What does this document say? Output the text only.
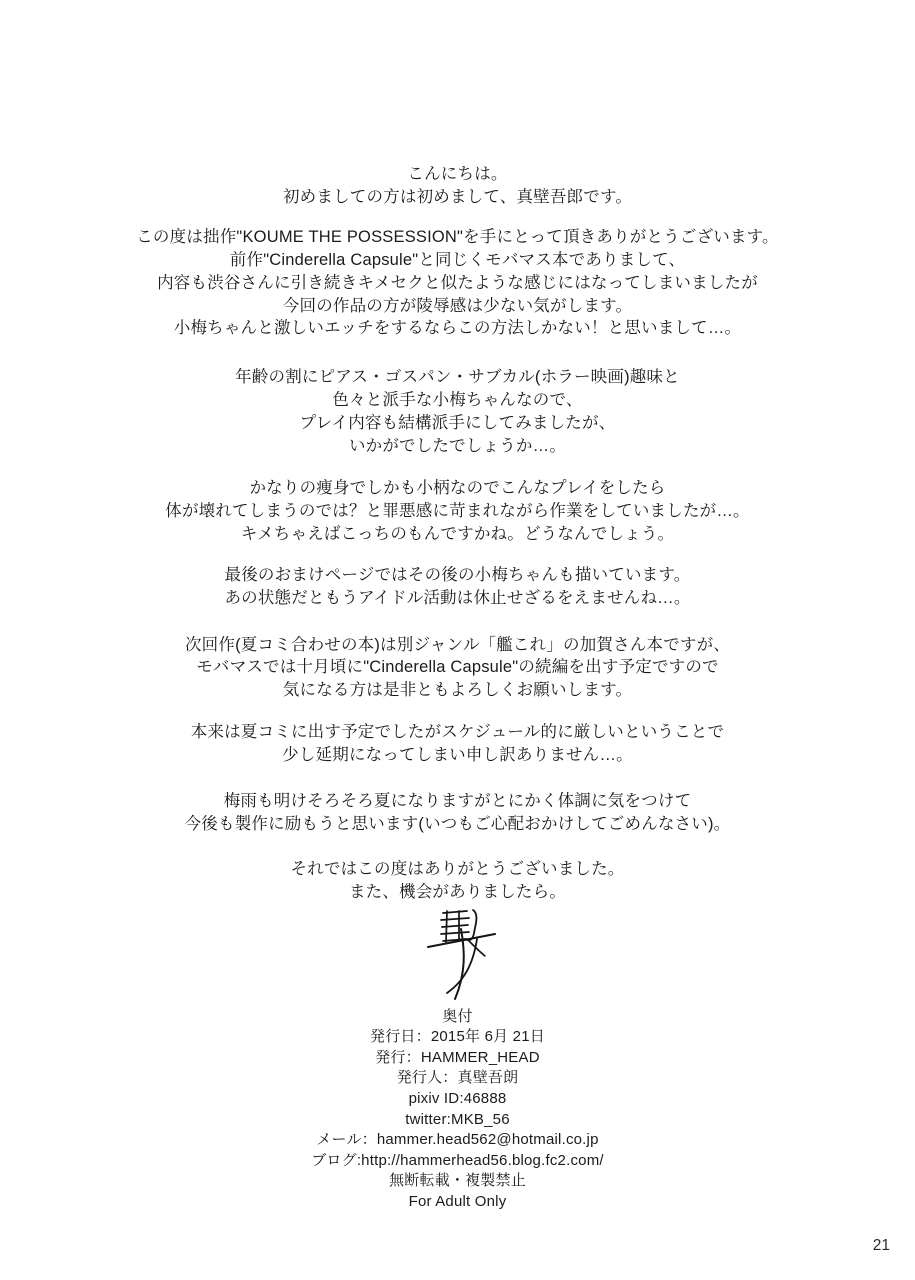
こんにちは。
初めましての方は初めまして、真壁吾郎です。
この度は拙作"KOUME THE POSSESSION"を手にとって頂きありがとうございます。
前作"Cinderella Capsule"と同じくモバマス本でありまして、
内容も渋谷さんに引き続きキメセクと似たような感じにはなってしまいましたが
今回の作品の方が陵辱感は少ない気がします。
小梅ちゃんと激しいエッチをするならこの方法しかない！と思いまして…。
年齢の割にピアス・ゴスパン・サブカル(ホラー映画)趣味と
色々と派手な小梅ちゃんなので、
プレイ内容も結構派手にしてみましたが、
いかがでしたでしょうか…。
かなりの痩身でしかも小柄なのでこんなプレイをしたら
体が壊れてしまうのでは？と罪悪感に苛まれながら作業をしていましたが…。
キメちゃえばこっちのもんですかね。どうなんでしょう。
最後のおまけページではその後の小梅ちゃんも描いています。
あの状態だともうアイドル活動は休止せざるをえませんね…。
次回作(夏コミ合わせの本)は別ジャンル「艦これ」の加賀さん本ですが、
モバマスでは十月頃に"Cinderella Capsule"の続編を出す予定ですので
気になる方は是非ともよろしくお願いします。
本来は夏コミに出す予定でしたがスケジュール的に厳しいということで
少し延期になってしまい申し訳ありません…。
梅雨も明けそろそろ夏になりますがとにかく体調に気をつけて
今後も製作に励もうと思います(いつもご心配おかけしてごめんなさい)。
それではこの度はありがとうございました。
また、機会がありましたら。
奥付
発行日：2015年 6月 21日
発行：HAMMER_HEAD
発行人：真壁吾朗
pixiv ID:46888
twitter:MKB_56
メール：hammer.head562@hotmail.co.jp
ブログ:http://hammerhead56.blog.fc2.com/
無断転載・複製禁止
For Adult Only
21
